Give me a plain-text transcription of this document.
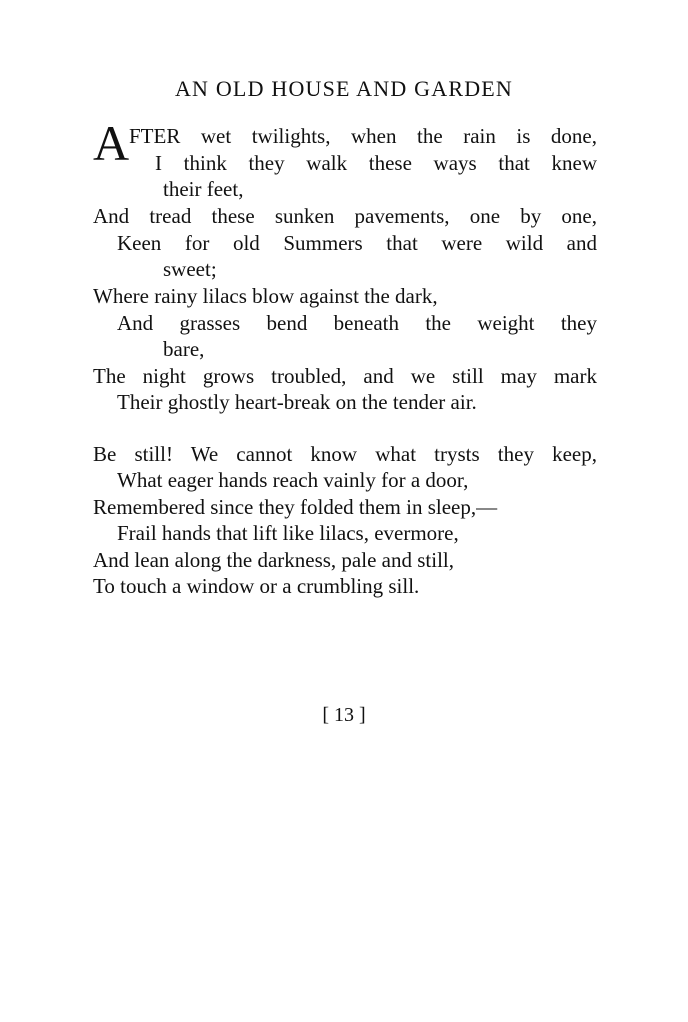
AN OLD HOUSE AND GARDEN
A FTER wet twilights, when the rain is done,
I think they walk these ways that knew
their feet,
And tread these sunken pavements, one by one,
Keen for old Summers that were wild and
sweet;
Where rainy lilacs blow against the dark,
And grasses bend beneath the weight they
bare,
The night grows troubled, and we still may mark
Their ghostly heart-break on the tender air.
Be still! We cannot know what trysts they keep,
What eager hands reach vainly for a door,
Remembered since they folded them in sleep,—
Frail hands that lift like lilacs, evermore,
And lean along the darkness, pale and still,
To touch a window or a crumbling sill.
[ 13 ]
